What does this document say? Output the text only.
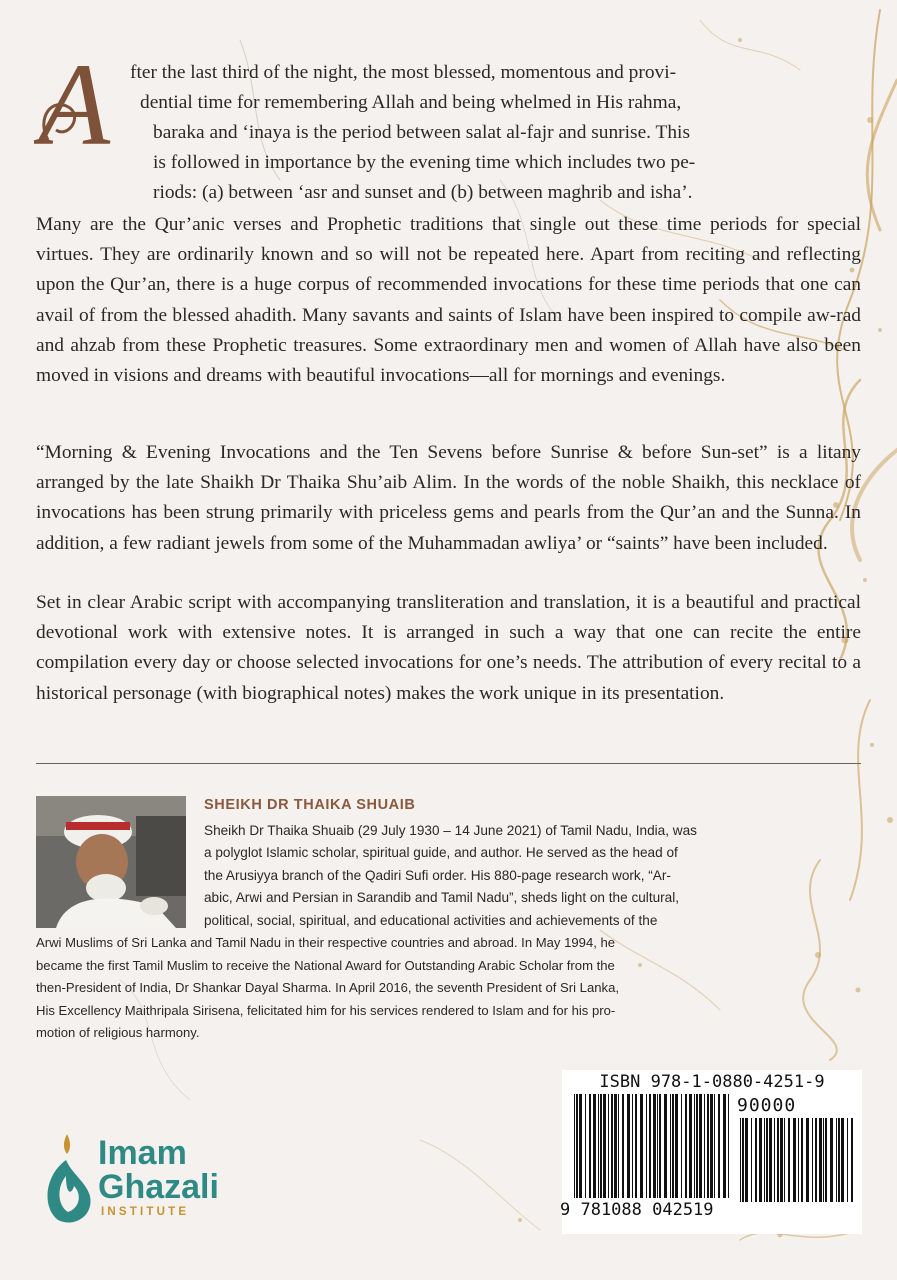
A fter the last third of the night, the most blessed, momentous and provi-

dential time for remembering Allah and being whelmed in His rahma,

baraka and ‘inaya is the period between salat al-fajr and sunrise. This

is followed in importance by the evening time which includes two pe-

riods: (a) between ‘asr and sunset and (b) between maghrib and isha’.

Many are the Qur’anic verses and Prophetic traditions that single out these time periods for special virtues. They are ordinarily known and so will not be repeated here. Apart from reciting and reflecting upon the Qur’an, there is a huge corpus of recommended invocations for these time periods that one can avail of from the blessed ahadith. Many savants and saints of Islam have been inspired to compile aw-rad and ahzab from these Prophetic treasures. Some extraordinary men and women of Allah have also been moved in visions and dreams with beautiful invocations—all for mornings and evenings.

“Morning & Evening Invocations and the Ten Sevens before Sunrise & before Sun-set” is a litany arranged by the late Shaikh Dr Thaika Shu’aib Alim. In the words of the noble Shaikh, this necklace of invocations has been strung primarily with priceless gems and pearls from the Qur’an and the Sunna. In addition, a few radiant jewels from some of the Muhammadan awliya’ or “saints” have been included.

Set in clear Arabic script with accompanying transliteration and translation, it is a beautiful and practical devotional work with extensive notes. It is arranged in such a way that one can recite the entire compilation every day or choose selected invocations for one’s needs. The attribution of every recital to a historical personage (with biographical notes) makes the work unique in its presentation.

SHEIKH DR THAIKA SHUAIB

Sheikh Dr Thaika Shuaib (29 July 1930 – 14 June 2021) of Tamil Nadu, India, was

a polyglot Islamic scholar, spiritual guide, and author. He served as the head of

the Arusiyya branch of the Qadiri Sufi order. His 880-page research work, “Ar-

abic, Arwi and Persian in Sarandib and Tamil Nadu”, sheds light on the cultural,

political, social, spiritual, and educational activities and achievements of the

Arwi Muslims of Sri Lanka and Tamil Nadu in their respective countries and abroad. In May 1994, he

became the first Tamil Muslim to receive the National Award for Outstanding Arabic Scholar from the

then-President of India, Dr Shankar Dayal Sharma. In April 2016, the seventh President of Sri Lanka,

His Excellency Maithripala Sirisena, felicitated him for his services rendered to Islam and for his pro-

motion of religious harmony.

Imam
Ghazali
INSTITUTE
ISBN 978-1-0880-4251-9
90000
9 781088 042519
